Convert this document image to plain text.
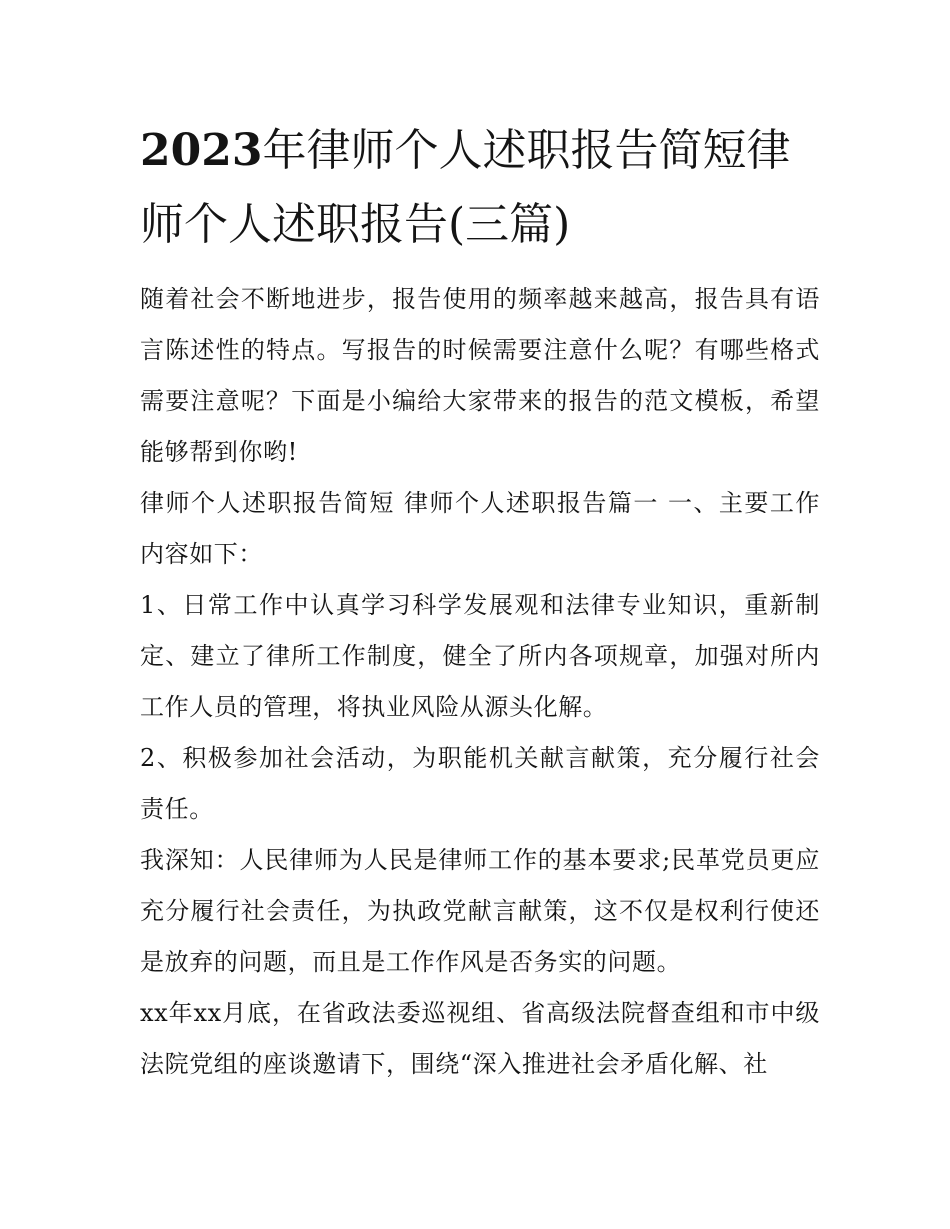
2023年律师个人述职报告简短律师个人述职报告(三篇)

随着社会不断地进步，报告使用的频率越来越高，报告具有语言陈述性的特点。写报告的时候需要注意什么呢？有哪些格式需要注意呢？下面是小编给大家带来的报告的范文模板，希望能够帮到你哟!

律师个人述职报告简短 律师个人述职报告篇一 一、主要工作内容如下：

1、日常工作中认真学习科学发展观和法律专业知识，重新制定、建立了律所工作制度，健全了所内各项规章，加强对所内工作人员的管理，将执业风险从源头化解。

2、积极参加社会活动，为职能机关献言献策，充分履行社会责任。

我深知：人民律师为人民是律师工作的基本要求;民革党员更应充分履行社会责任，为执政党献言献策，这不仅是权利行使还是放弃的问题，而且是工作作风是否务实的问题。

xx年xx月底，在省政法委巡视组、省高级法院督查组和市中级法院党组的座谈邀请下，围绕“深入推进社会矛盾化解、社
